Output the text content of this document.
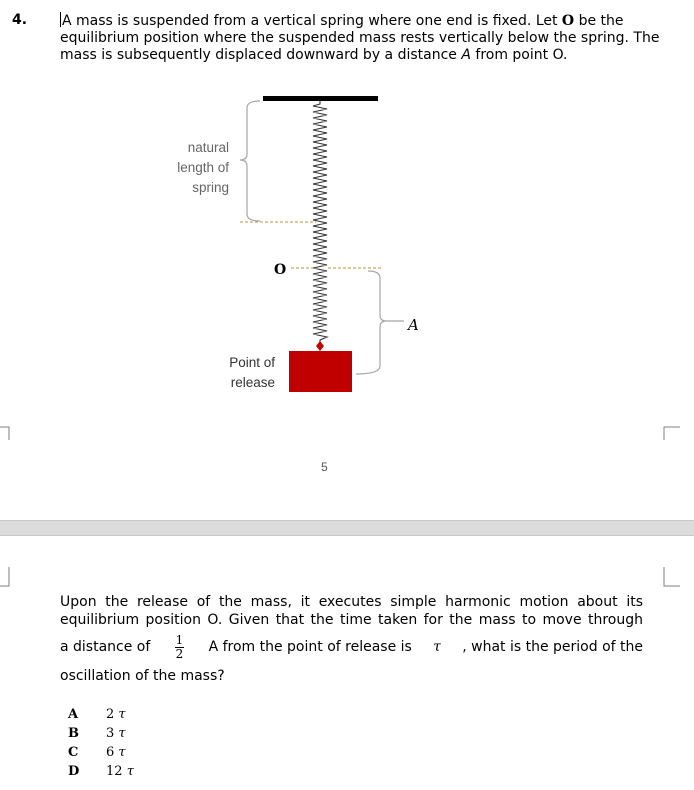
4. A mass is suspended from a vertical spring where one end is fixed. Let O be the equilibrium position where the suspended mass rests vertically below the spring. The mass is subsequently displaced downward by a distance A from point O.
natural
length of
spring
O
A
Point of
release
5
Upon the release of the mass, it executes simple harmonic motion about its
equilibrium position O. Given that the time taken for the mass to move through
a distance of $\frac{1}{2}$ A from the point of release is τ , what is the period of the
oscillation of the mass?
A 2 τ
B 3 τ
C 6 τ
D 12 τ
